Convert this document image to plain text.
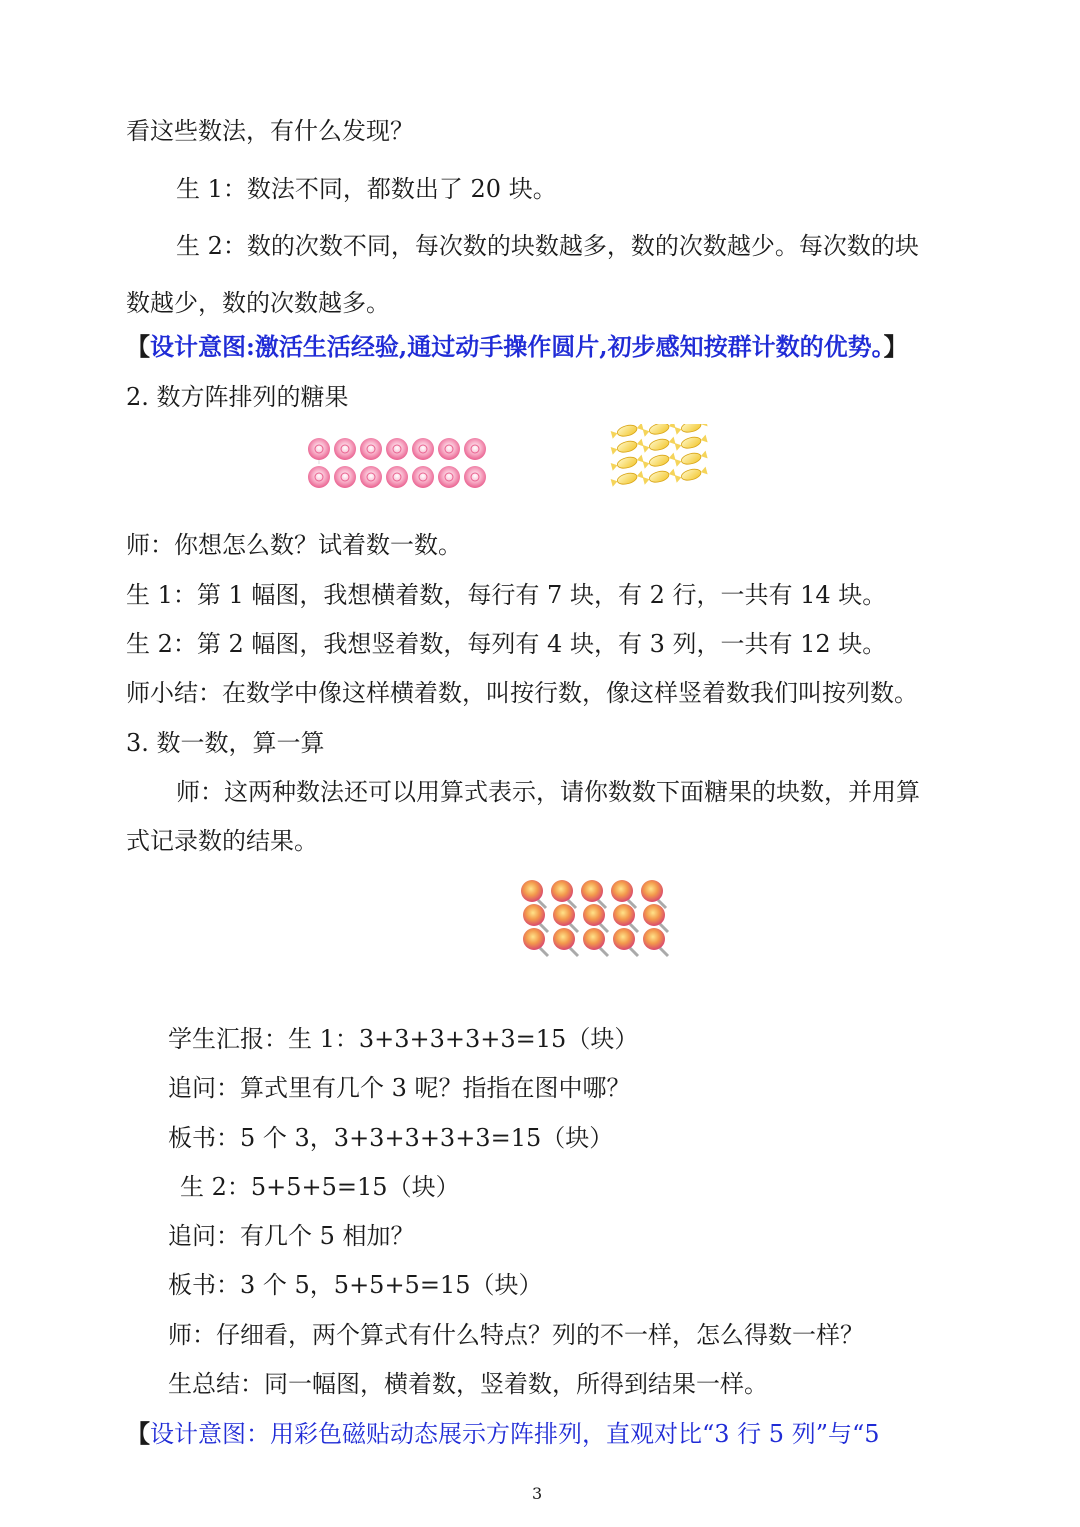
看这些数法，有什么发现？
生 1：数法不同，都数出了 20 块。
生 2：数的次数不同，每次数的块数越多，数的次数越少。每次数的块
数越少，数的次数越多。
【设计意图:激活生活经验,通过动手操作圆片,初步感知按群计数的优势。】
2. 数方阵排列的糖果
师：你想怎么数？试着数一数。
生 1：第 1 幅图，我想横着数，每行有 7 块，有 2 行，一共有 14 块。
生 2：第 2 幅图，我想竖着数，每列有 4 块，有 3 列，一共有 12 块。
师小结：在数学中像这样横着数，叫按行数，像这样竖着数我们叫按列数。
3. 数一数，算一算
师：这两种数法还可以用算式表示，请你数数下面糖果的块数，并用算
式记录数的结果。
学生汇报：生 1：3+3+3+3+3=15（块）
追问：算式里有几个 3 呢？指指在图中哪？
板书：5 个 3，3+3+3+3+3=15（块）
生 2：5+5+5=15（块）
追问：有几个 5 相加？
板书：3 个 5，5+5+5=15（块）
师：仔细看，两个算式有什么特点？列的不一样，怎么得数一样？
生总结：同一幅图，横着数，竖着数，所得到结果一样。
【设计意图：用彩色磁贴动态展示方阵排列，直观对比“3 行 5 列”与“5
3
